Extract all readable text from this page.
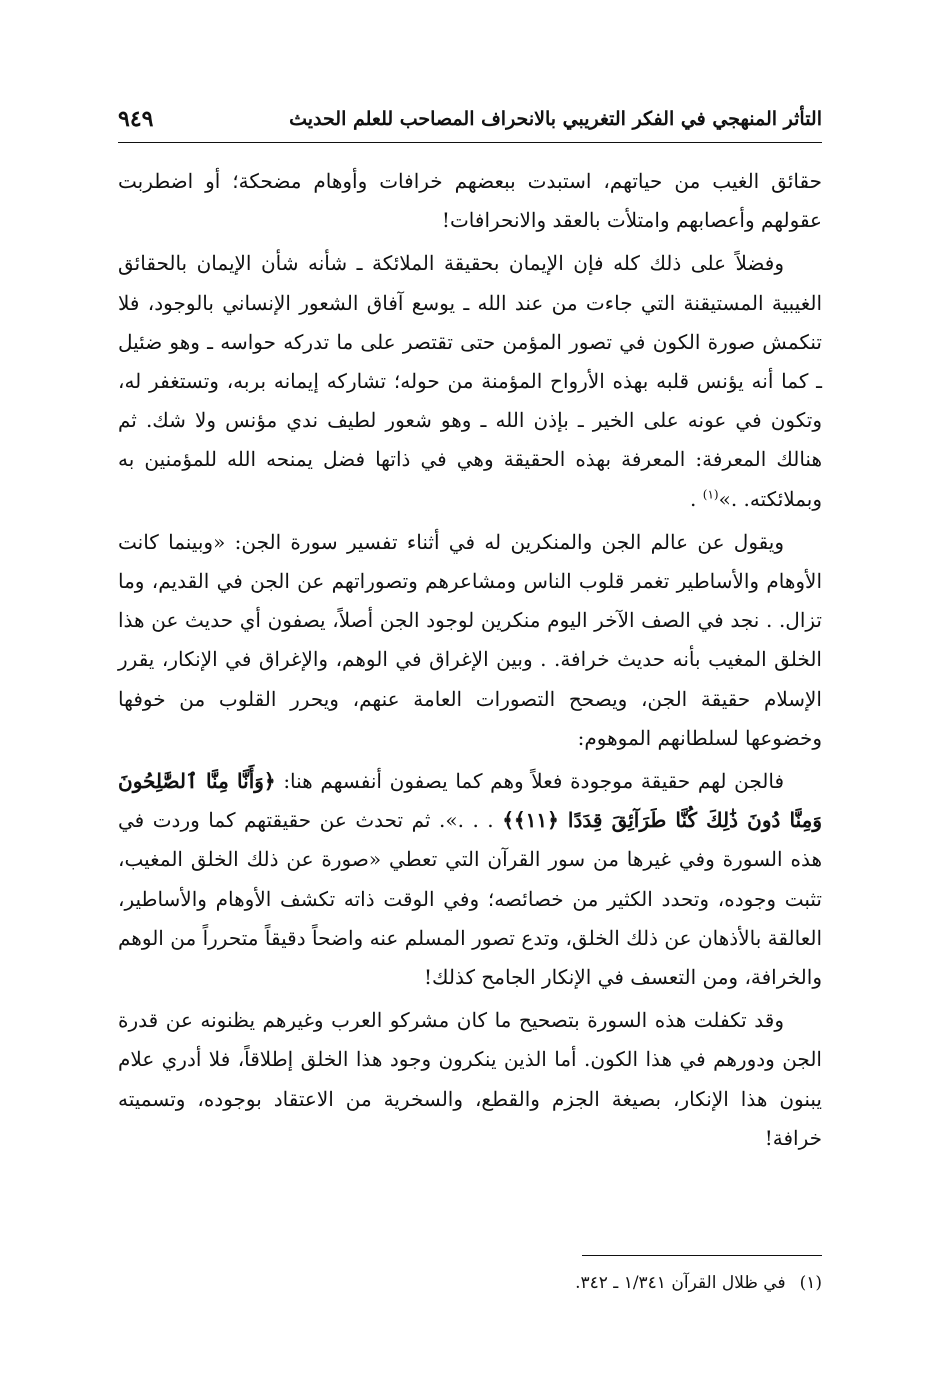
التأثر المنهجي في الفكر التغريبي بالانحراف المصاحب للعلم الحديث
٩٤٩

حقائق الغيب من حياتهم، استبدت ببعضهم خرافات وأوهام مضحكة؛ أو اضطربت عقولهم وأعصابهم وامتلأت بالعقد والانحرافات!

وفضلاً على ذلك كله فإن الإيمان بحقيقة الملائكة ـ شأنه شأن الإيمان بالحقائق الغيبية المستيقنة التي جاءت من عند الله ـ يوسع آفاق الشعور الإنساني بالوجود، فلا تنكمش صورة الكون في تصور المؤمن حتى تقتصر على ما تدركه حواسه ـ وهو ضئيل ـ كما أنه يؤنس قلبه بهذه الأرواح المؤمنة من حوله؛ تشاركه إيمانه بربه، وتستغفر له، وتكون في عونه على الخير ـ بإذن الله ـ وهو شعور لطيف ندي مؤنس ولا شك. ثم هنالك المعرفة: المعرفة بهذه الحقيقة وهي في ذاتها فضل يمنحه الله للمؤمنين به وبملائكته. .»$^{(١)}$ .

ويقول عن عالم الجن والمنكرين له في أثناء تفسير سورة الجن: «وبينما كانت الأوهام والأساطير تغمر قلوب الناس ومشاعرهم وتصوراتهم عن الجن في القديم، وما تزال. . نجد في الصف الآخر اليوم منكرين لوجود الجن أصلاً، يصفون أي حديث عن هذا الخلق المغيب بأنه حديث خرافة. . وبين الإغراق في الوهم، والإغراق في الإنكار، يقرر الإسلام حقيقة الجن، ويصحح التصورات العامة عنهم، ويحرر القلوب من خوفها وخضوعها لسلطانهم الموهوم:

فالجن لهم حقيقة موجودة فعلاً وهم كما يصفون أنفسهم هنا: ﴿وَأَنَّا مِنَّا ٱلصَّٰلِحُونَ وَمِنَّا دُونَ ذَٰلِكَ كُنَّا طَرَآئِقَ قِدَدًا ﴿١١﴾﴾ . . .». ثم تحدث عن حقيقتهم كما وردت في هذه السورة وفي غيرها من سور القرآن التي تعطي «صورة عن ذلك الخلق المغيب، تثبت وجوده، وتحدد الكثير من خصائصه؛ وفي الوقت ذاته تكشف الأوهام والأساطير، العالقة بالأذهان عن ذلك الخلق، وتدع تصور المسلم عنه واضحاً دقيقاً متحرراً من الوهم والخرافة، ومن التعسف في الإنكار الجامح كذلك!

وقد تكفلت هذه السورة بتصحيح ما كان مشركو العرب وغيرهم يظنونه عن قدرة الجن ودورهم في هذا الكون. أما الذين ينكرون وجود هذا الخلق إطلاقاً، فلا أدري علام يبنون هذا الإنكار، بصيغة الجزم والقطع، والسخرية من الاعتقاد بوجوده، وتسميته خرافة!

(١)في ظلال القرآن ١/٣٤١ ـ ٣٤٢.
